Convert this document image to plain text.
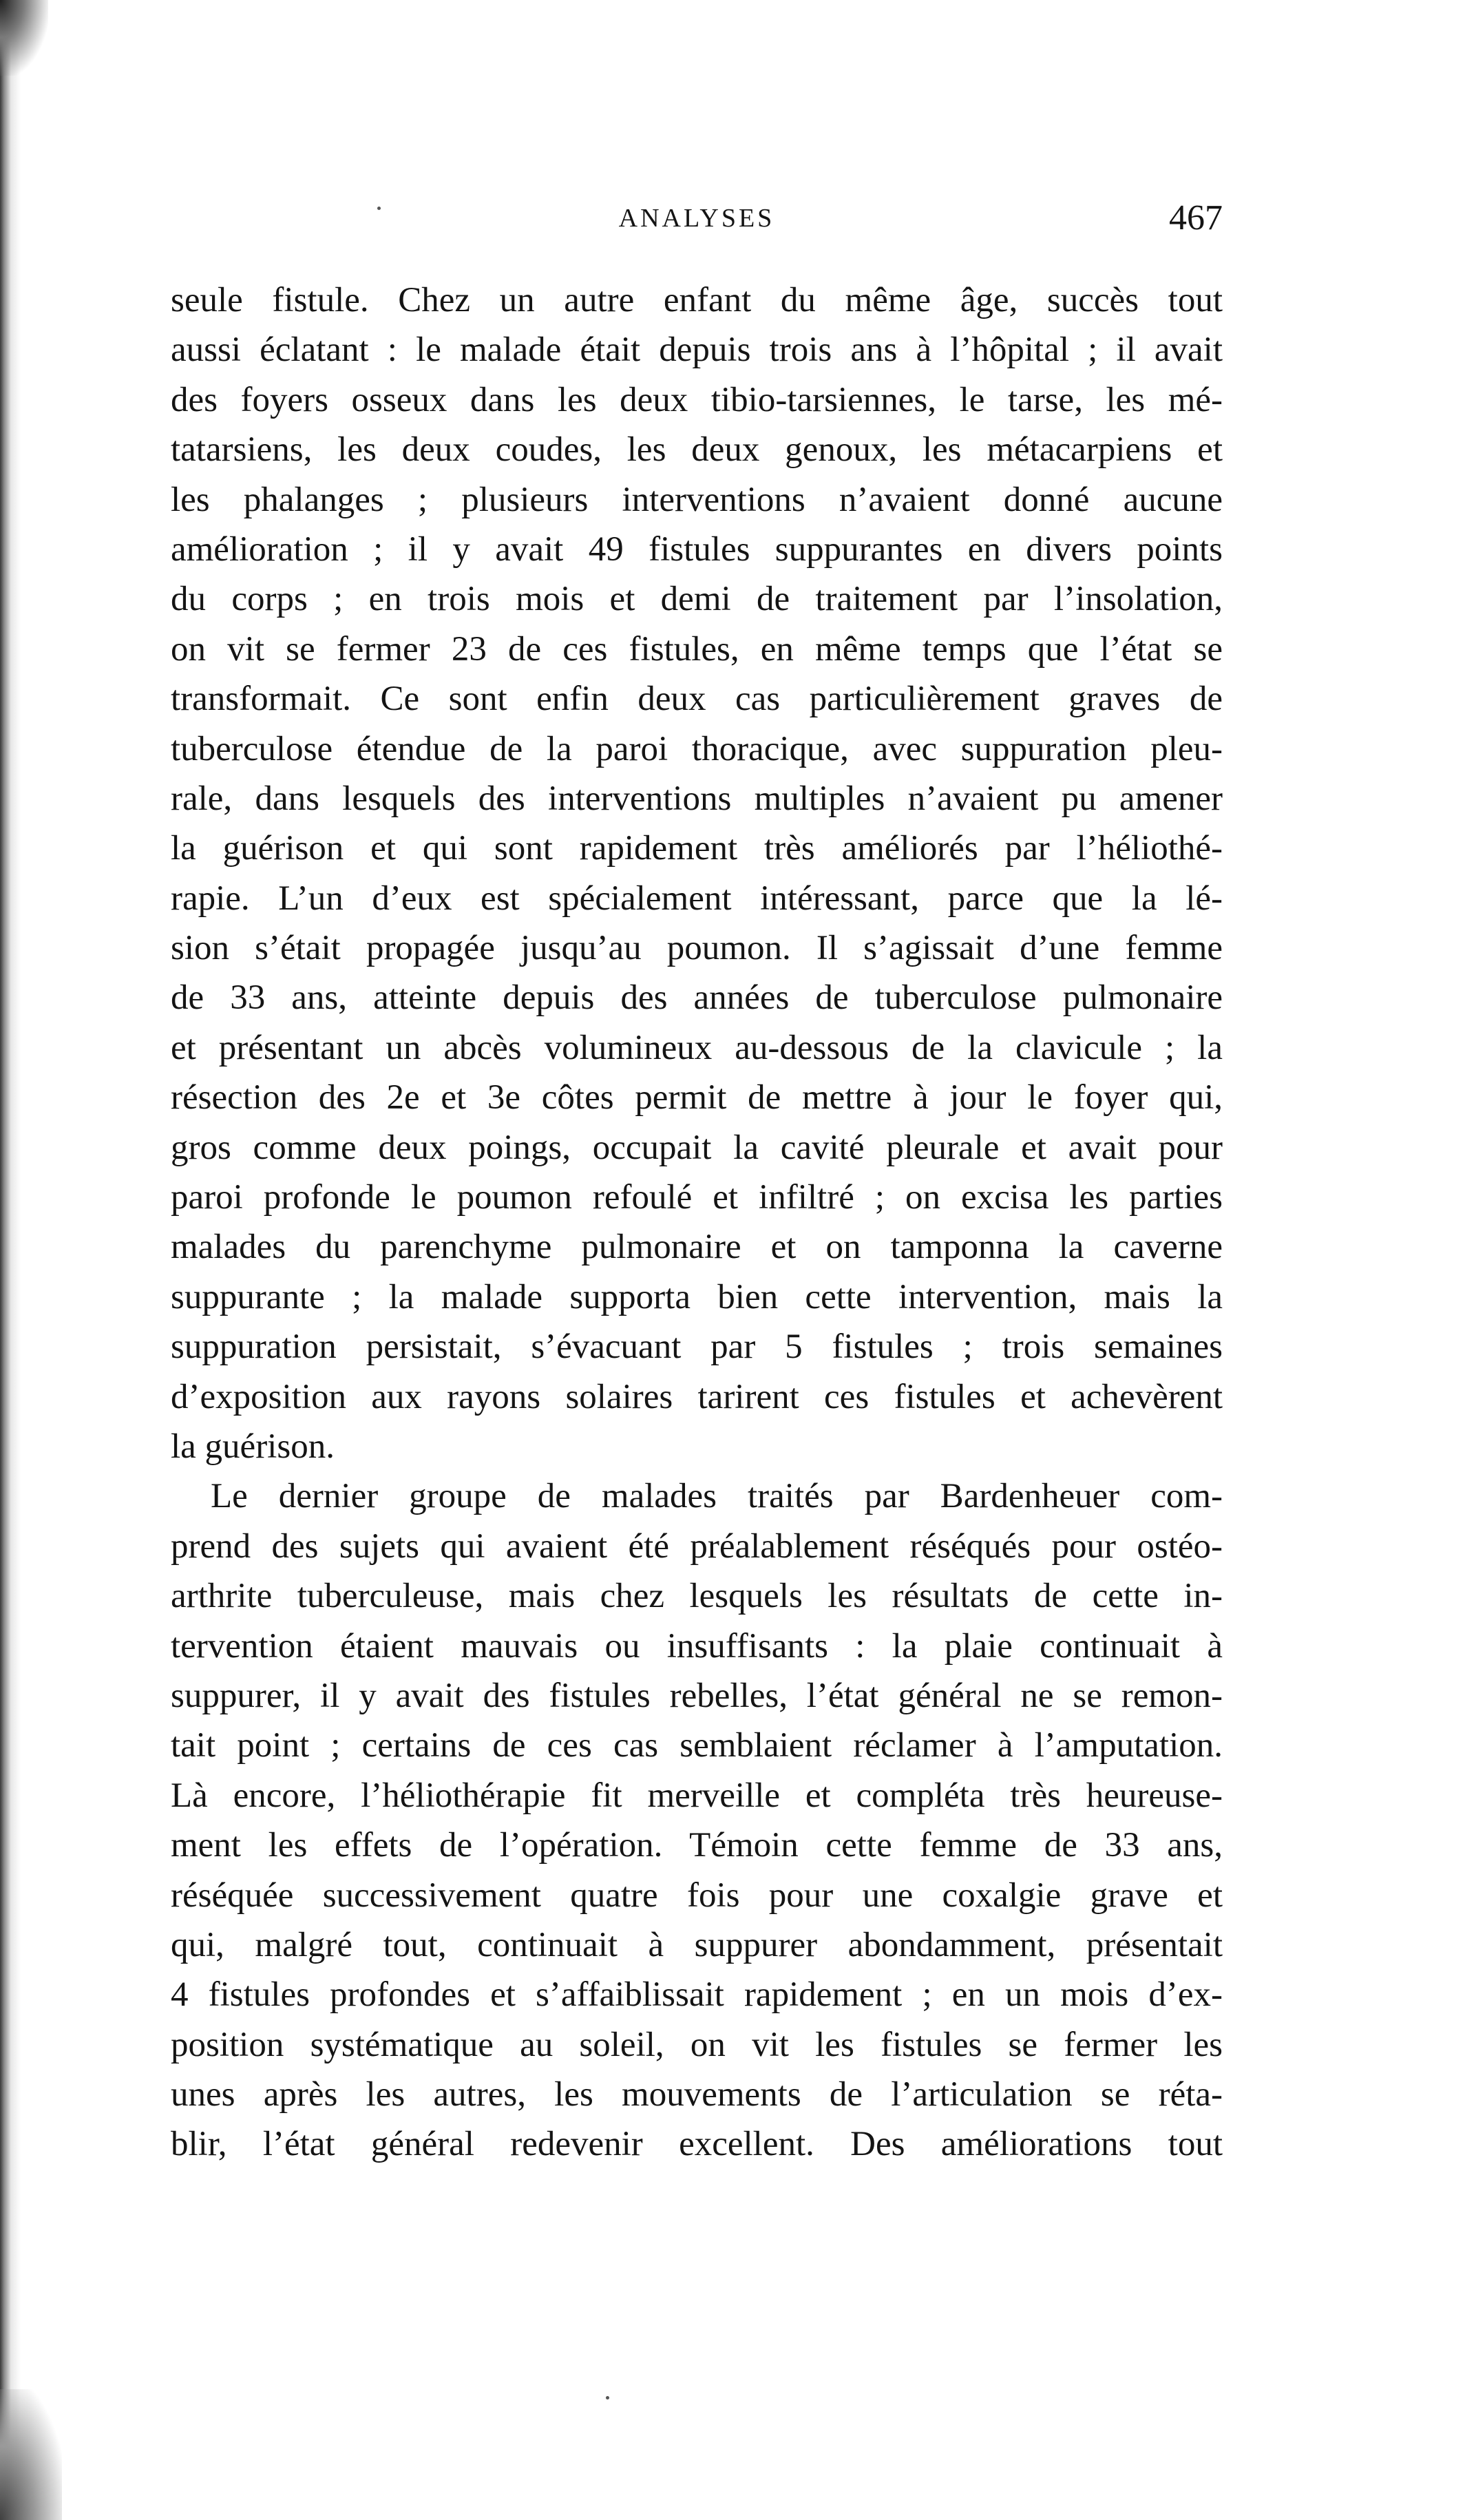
ANALYSES	467
seule fistule. Chez un autre enfant du même âge, succès tout
aussi éclatant : le malade était depuis trois ans à l’hôpital ; il avait
des foyers osseux dans les deux tibio-tarsiennes, le tarse, les mé-
tatarsiens, les deux coudes, les deux genoux, les métacarpiens et
les phalanges ; plusieurs interventions n’avaient donné aucune
amélioration ; il y avait 49 fistules suppurantes en divers points
du corps ; en trois mois et demi de traitement par l’insolation,
on vit se fermer 23 de ces fistules, en même temps que l’état se
transformait. Ce sont enfin deux cas particulièrement graves de
tuberculose étendue de la paroi thoracique, avec suppuration pleu-
rale, dans lesquels des interventions multiples n’avaient pu amener
la guérison et qui sont rapidement très améliorés par l’héliothé-
rapie. L’un d’eux est spécialement intéressant, parce que la lé-
sion s’était propagée jusqu’au poumon. Il s’agissait d’une femme
de 33 ans, atteinte depuis des années de tuberculose pulmonaire
et présentant un abcès volumineux au-dessous de la clavicule ; la
résection des 2e et 3e côtes permit de mettre à jour le foyer qui,
gros comme deux poings, occupait la cavité pleurale et avait pour
paroi profonde le poumon refoulé et infiltré ; on excisa les parties
malades du parenchyme pulmonaire et on tamponna la caverne
suppurante ; la malade supporta bien cette intervention, mais la
suppuration persistait, s’évacuant par 5 fistules ; trois semaines
d’exposition aux rayons solaires tarirent ces fistules et achevèrent
la guérison.
Le dernier groupe de malades traités par Bardenheuer com-
prend des sujets qui avaient été préalablement réséqués pour ostéo-
arthrite tuberculeuse, mais chez lesquels les résultats de cette in-
tervention étaient mauvais ou insuffisants : la plaie continuait à
suppurer, il y avait des fistules rebelles, l’état général ne se remon-
tait point ; certains de ces cas semblaient réclamer à l’amputation.
Là encore, l’héliothérapie fit merveille et compléta très heureuse-
ment les effets de l’opération. Témoin cette femme de 33 ans,
réséquée successivement quatre fois pour une coxalgie grave et
qui, malgré tout, continuait à suppurer abondamment, présentait
4 fistules profondes et s’affaiblissait rapidement ; en un mois d’ex-
position systématique au soleil, on vit les fistules se fermer les
unes après les autres, les mouvements de l’articulation se réta-
blir, l’état général redevenir excellent. Des améliorations tout
